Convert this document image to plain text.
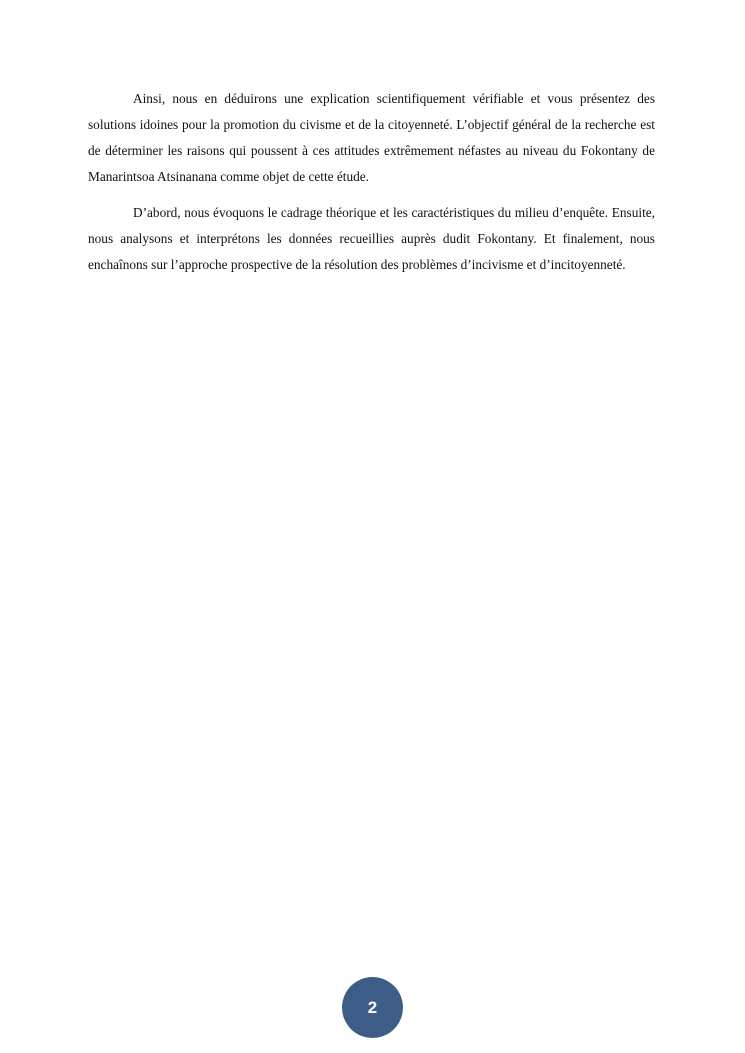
Ainsi, nous en déduirons une explication scientifiquement vérifiable et vous présentez des solutions idoines pour la promotion du civisme et de la citoyenneté. L’objectif général de la recherche est de déterminer les raisons qui poussent à ces attitudes extrêmement néfastes au niveau du Fokontany de Manarintsoa Atsinanana comme objet de cette étude.

D’abord, nous évoquons le cadrage théorique et les caractéristiques du milieu d’enquête. Ensuite, nous analysons et interprétons les données recueillies auprès dudit Fokontany. Et finalement, nous enchaînons sur l’approche prospective de la résolution des problèmes d’incivisme et d’incitoyenneté.

2
